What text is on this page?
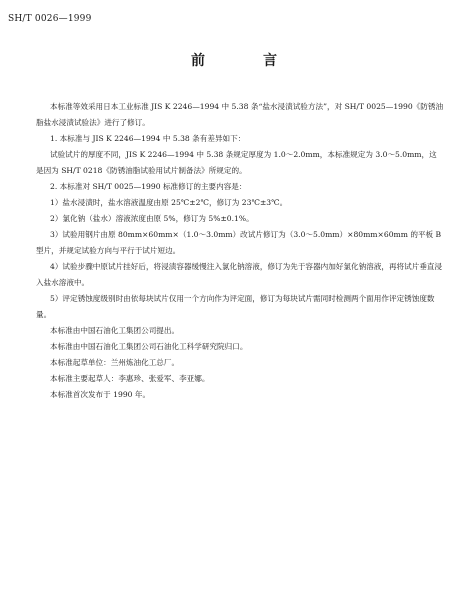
SH/T 0026—1999
前　言

本标准等效采用日本工业标准 JIS K 2246—1994 中 5.38 条“盐水浸渍试验方法”，对 SH/T 0025—1990《防锈油脂盐水浸渍试验法》进行了修订。

1. 本标准与 JIS K 2246—1994 中 5.38 条有差异如下：

试验试片的厚度不同，JIS K 2246—1994 中 5.38 条规定厚度为 1.0～2.0mm，本标准规定为 3.0～5.0mm，这是因为 SH/T 0218《防锈油脂试验用试片制备法》所规定的。

2. 本标准对 SH/T 0025—1990 标准修订的主要内容是：

1）盐水浸渍时，盐水溶液温度由原 25℃±2℃，修订为 23℃±3℃。

2）氯化钠（盐水）溶液浓度由原 5%，修订为 5%±0.1%。

3）试验用钢片由原 80mm×60mm×（1.0～3.0mm）改试片修订为（3.0～5.0mm）×80mm×60mm 的平板 B 型片，并规定试验方向与平行于试片短边。

4）试验步骤中原试片挂好后，将浸渍容器缓慢注入氯化钠溶液，修订为先于容器内加好氯化钠溶液，再将试片垂直浸入盐水溶液中。

5）评定锈蚀度级别时由依每块试片仅用一个方向作为评定面，修订为每块试片需同时检测两个面用作评定锈蚀度数量。

本标准由中国石油化工集团公司提出。

本标准由中国石油化工集团公司石油化工科学研究院归口。

本标准起草单位：兰州炼油化工总厂。

本标准主要起草人：李惠珍、张爱军、李亚娜。

本标准首次发布于 1990 年。
